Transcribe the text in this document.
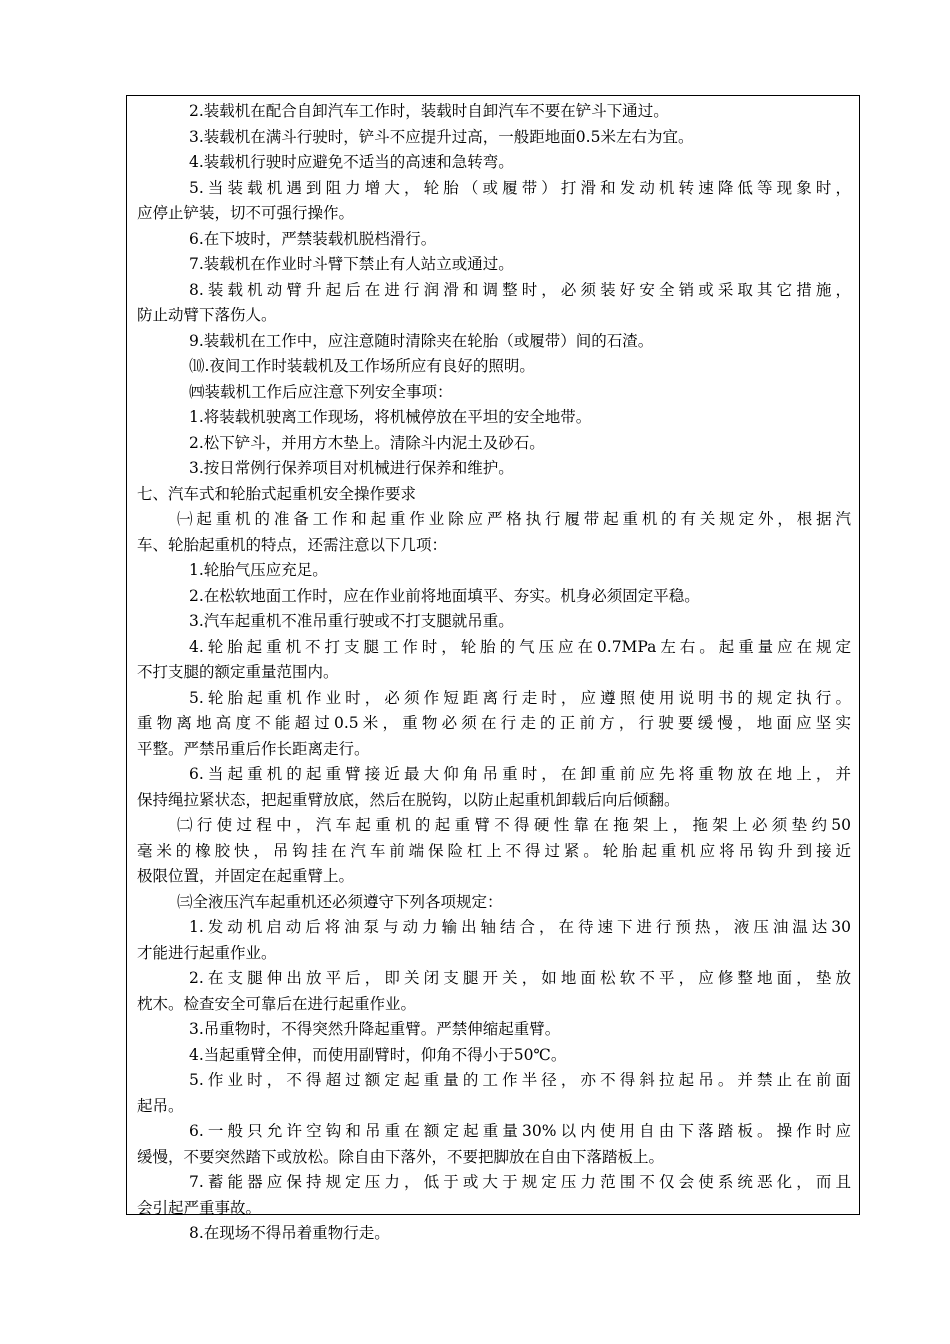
2.装载机在配合自卸汽车工作时，装载时自卸汽车不要在铲斗下通过。
3.装载机在满斗行驶时，铲斗不应提升过高，一般距地面0.5米左右为宜。
4.装载机行驶时应避免不适当的高速和急转弯。
5.当装载机遇到阻力增大，轮胎（或履带）打滑和发动机转速降低等现象时，
应停止铲装，切不可强行操作。
6.在下坡时，严禁装载机脱档滑行。
7.装载机在作业时斗臂下禁止有人站立或通过。
8.装载机动臂升起后在进行润滑和调整时，必须装好安全销或采取其它措施，
防止动臂下落伤人。
9.装载机在工作中，应注意随时清除夹在轮胎（或履带）间的石渣。
⑽.夜间工作时装载机及工作场所应有良好的照明。
㈣装载机工作后应注意下列安全事项：
1.将装载机驶离工作现场，将机械停放在平坦的安全地带。
2.松下铲斗，并用方木垫上。清除斗内泥土及砂石。
3.按日常例行保养项目对机械进行保养和维护。
七、汽车式和轮胎式起重机安全操作要求
㈠起重机的准备工作和起重作业除应严格执行履带起重机的有关规定外，根据汽
车、轮胎起重机的特点，还需注意以下几项：
1.轮胎气压应充足。
2.在松软地面工作时，应在作业前将地面填平、夯实。机身必须固定平稳。
3.汽车起重机不准吊重行驶或不打支腿就吊重。
4.轮胎起重机不打支腿工作时，轮胎的气压应在0.7MPa左右。起重量应在规定
不打支腿的额定重量范围内。
5.轮胎起重机作业时，必须作短距离行走时，应遵照使用说明书的规定执行。
重物离地高度不能超过0.5米，重物必须在行走的正前方，行驶要缓慢，地面应坚实
平整。严禁吊重后作长距离走行。
6.当起重机的起重臂接近最大仰角吊重时，在卸重前应先将重物放在地上，并
保持绳拉紧状态，把起重臂放底，然后在脱钩，以防止起重机卸载后向后倾翻。
㈡行使过程中，汽车起重机的起重臂不得硬性靠在拖架上，拖架上必须垫约50
毫米的橡胶快，吊钩挂在汽车前端保险杠上不得过紧。轮胎起重机应将吊钩升到接近
极限位置，并固定在起重臂上。
㈢全液压汽车起重机还必须遵守下列各项规定：
1.发动机启动后将油泵与动力输出轴结合，在待速下进行预热，液压油温达30
才能进行起重作业。
2.在支腿伸出放平后，即关闭支腿开关，如地面松软不平，应修整地面，垫放
枕木。检查安全可靠后在进行起重作业。
3.吊重物时，不得突然升降起重臂。严禁伸缩起重臂。
4.当起重臂全伸，而使用副臂时，仰角不得小于50℃。
5.作业时，不得超过额定起重量的工作半径，亦不得斜拉起吊。并禁止在前面
起吊。
6.一般只允许空钩和吊重在额定起重量30%以内使用自由下落踏板。操作时应
缓慢，不要突然踏下或放松。除自由下落外，不要把脚放在自由下落踏板上。
7.蓄能器应保持规定压力，低于或大于规定压力范围不仅会使系统恶化，而且
会引起严重事故。
8.在现场不得吊着重物行走。
